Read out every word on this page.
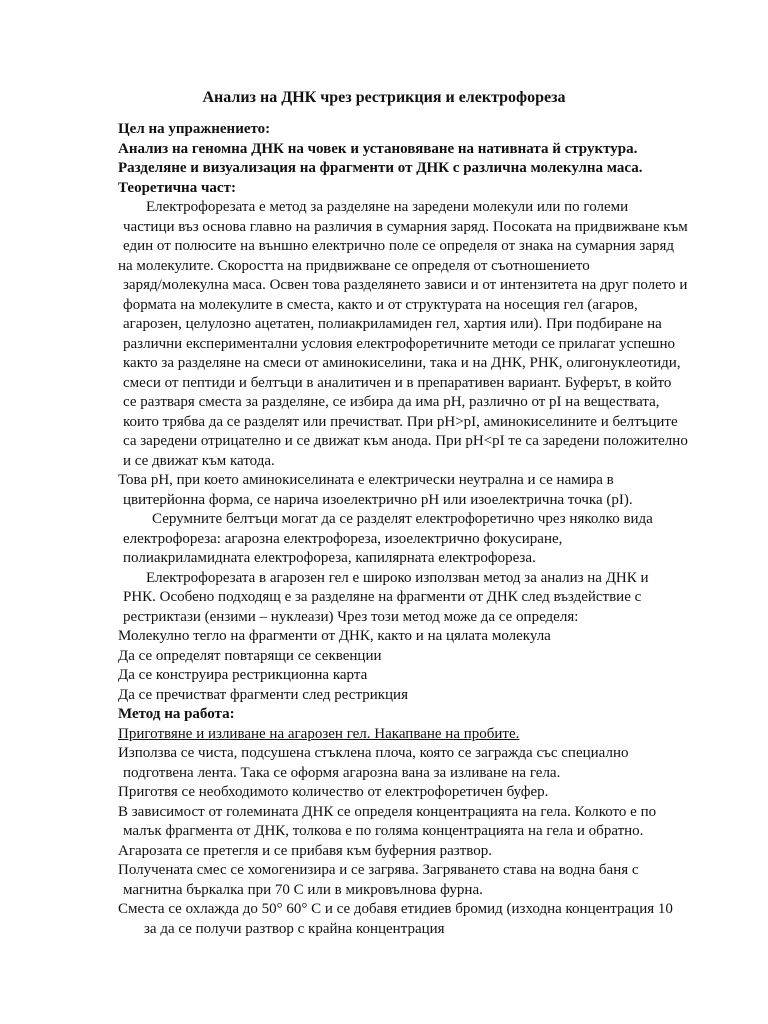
Анализ на ДНК чрез рестрикция и електрофореза
Цел на упражнението:
Анализ на геномна ДНК на човек и установяване на нативната й структура.
Разделяне и визуализация на фрагменти от ДНК с различна молекулна маса.
Теоретична част:
Електрофорезата е метод за разделяне на заредени молекули или по големи
частици въз основа главно на различия в сумарния заряд. Посоката на придвижване към
един от полюсите на външно електрично поле се определя от знака на сумарния заряд
на молекулите. Скоростта на придвижване се определя от съотношението
заряд/молекулна маса. Освен това разделянето зависи и от интензитета на друг полето и
формата на молекулите в сместа, както и от структурата на носещия гел (агаров,
агарозен, целулозно ацетатен, полиакриламиден гел, хартия или). При подбиране на
различни експериментални условия електрофоретичните методи се прилагат успешно
както за разделяне на смеси от аминокиселини, така и на ДНК, РНК, олигонуклеотиди,
смеси от пептиди и белтъци в аналитичен и в препаративен вариант. Буферът, в който
се разтваря сместа за разделяне, се избира да има pH, различно от pI на веществата,
които трябва да се разделят или пречистват. При pH>pI, аминокиселините и белтъците
са заредени отрицателно и се движат към анода. При pH<pI те са заредени положително
и се движат към катода.
Това pH, при което аминокиселината е електрически неутрална и се намира в
цвитерйонна форма, се нарича изоелектрично pH или изоелектрична точка (pI).
Серумните белтъци могат да се разделят електрофоретично чрез няколко вида
електрофореза: агарозна електрофореза, изоелектрично фокусиране,
полиакриламидната електрофореза, капилярната електрофореза.
Електрофорезата в агарозен гел е широко използван метод за анализ на ДНК и
РНК. Особено подходящ е за разделяне на фрагменти от ДНК след въздействие с
рестриктази (ензими – нуклеази) Чрез този метод може да се определя:
Молекулно тегло на фрагменти от ДНК, както и на цялата молекула
Да се определят повтарящи се секвенции
Да се конструира рестрикционна карта
Да се пречистват фрагменти след рестрикция
Метод на работа:
Приготвяне и изливане на агарозен гел. Накапване на пробите.
Използва се чиста, подсушена стъклена плоча, която се заграждa със специално
подготвена лента. Така се оформя агарозна вана за изливане на гела.
Приготвя се необходимото количество от електрофоретичен буфер.
В зависимост от големината ДНК се определя концентрацията на гела. Колкото е по
малък фрагмента от ДНК, толкова е по голяма концентрацията на гела и обратно.
Агарозата се претегля и се прибавя към буферния разтвор.
Получената смес се хомогенизира и се загрява. Загряването става на водна баня с
магнитна бъркалка при 70 С или в микровълнова фурна.
Сместа се охлажда до 50° 60° С и се добавя етидиев бромид (изходна концентрация 10
за да се получи разтвор с крайна концентрация
